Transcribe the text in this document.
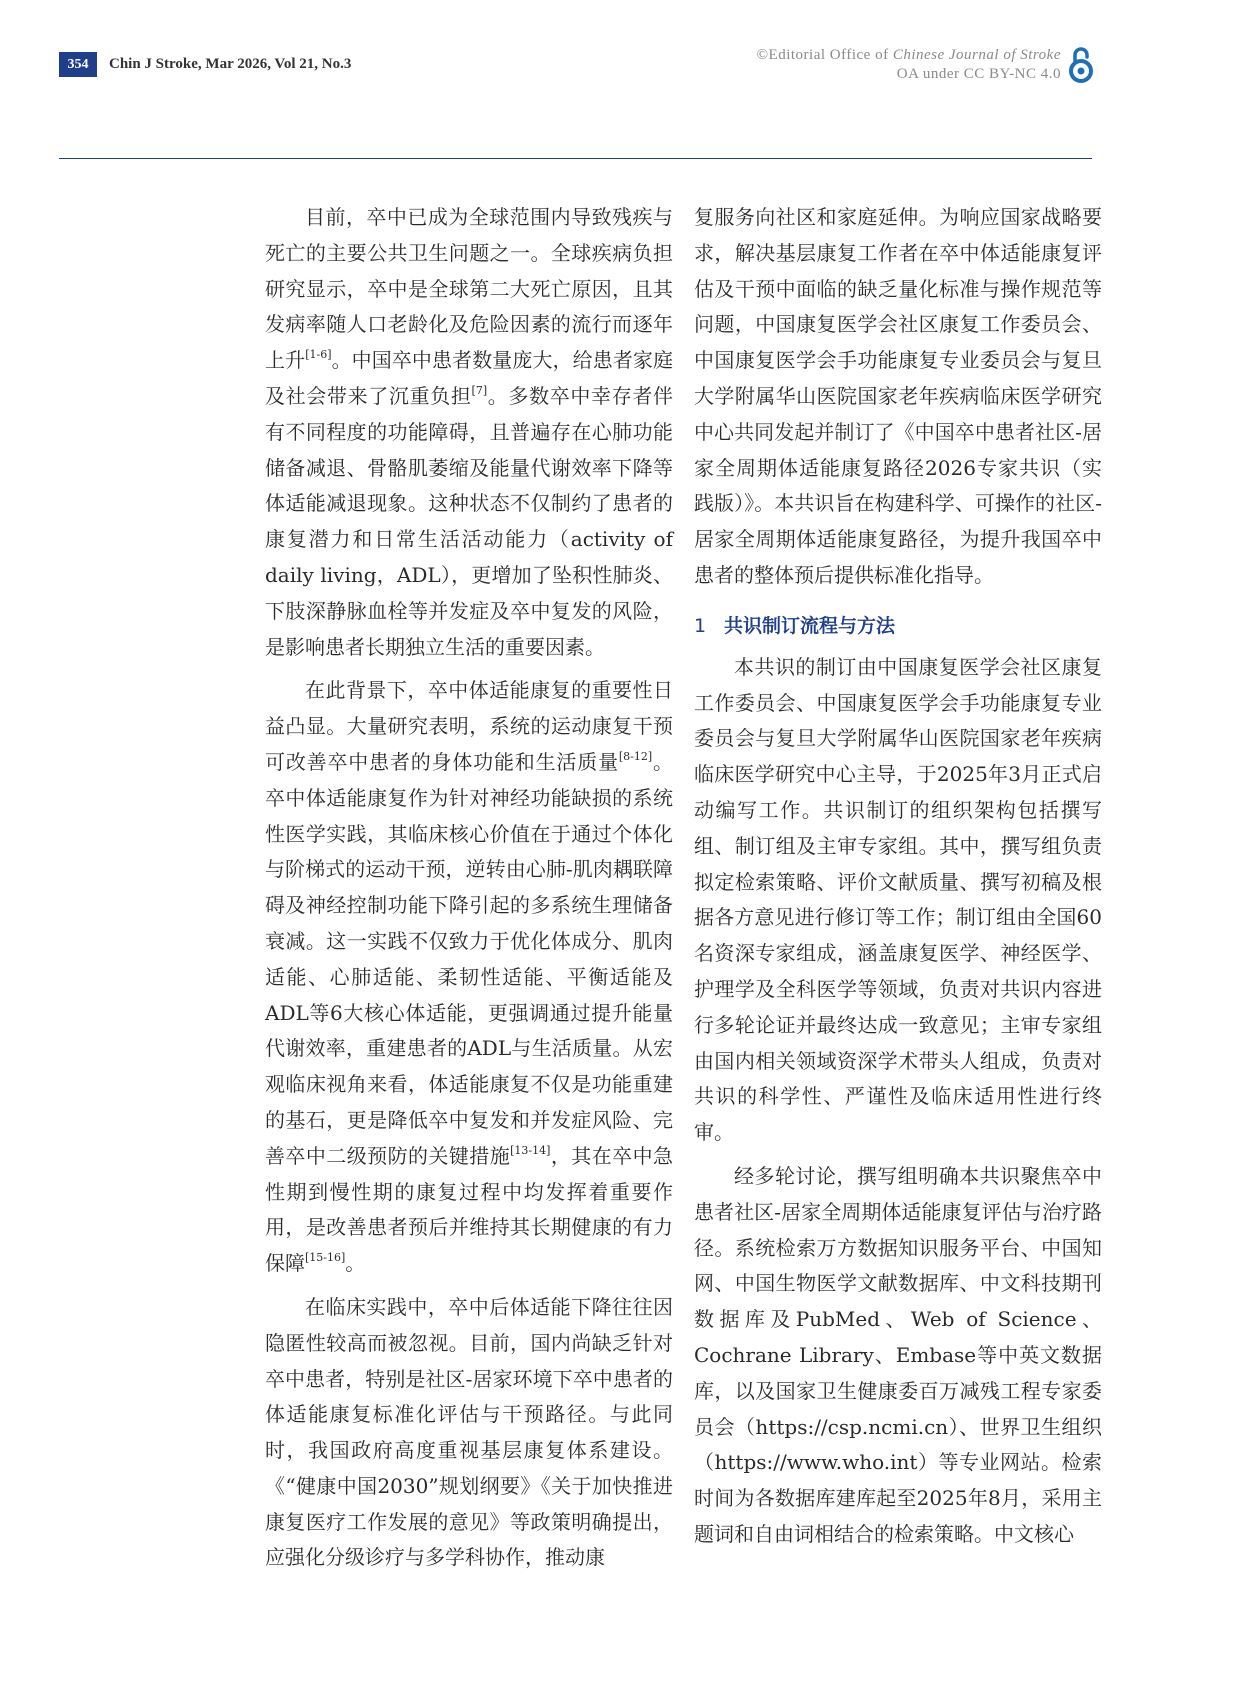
354	Chin J Stroke, Mar 2026, Vol 21, No.3
©Editorial Office of Chinese Journal of Stroke
OA under CC BY-NC 4.0

目前，卒中已成为全球范围内导致残疾与死亡的主要公共卫生问题之一。全球疾病负担研究显示，卒中是全球第二大死亡原因，且其发病率随人口老龄化及危险因素的流行而逐年上升[1-6]。中国卒中患者数量庞大，给患者家庭及社会带来了沉重负担[7]。多数卒中幸存者伴有不同程度的功能障碍，且普遍存在心肺功能储备减退、骨骼肌萎缩及能量代谢效率下降等体适能减退现象。这种状态不仅制约了患者的康复潜力和日常生活活动能力（activity of daily living，ADL），更增加了坠积性肺炎、下肢深静脉血栓等并发症及卒中复发的风险，是影响患者长期独立生活的重要因素。

在此背景下，卒中体适能康复的重要性日益凸显。大量研究表明，系统的运动康复干预可改善卒中患者的身体功能和生活质量[8-12]。卒中体适能康复作为针对神经功能缺损的系统性医学实践，其临床核心价值在于通过个体化与阶梯式的运动干预，逆转由心肺-肌肉耦联障碍及神经控制功能下降引起的多系统生理储备衰减。这一实践不仅致力于优化体成分、肌肉适能、心肺适能、柔韧性适能、平衡适能及ADL等6大核心体适能，更强调通过提升能量代谢效率，重建患者的ADL与生活质量。从宏观临床视角来看，体适能康复不仅是功能重建的基石，更是降低卒中复发和并发症风险、完善卒中二级预防的关键措施[13-14]，其在卒中急性期到慢性期的康复过程中均发挥着重要作用，是改善患者预后并维持其长期健康的有力保障[15-16]。

在临床实践中，卒中后体适能下降往往因隐匿性较高而被忽视。目前，国内尚缺乏针对卒中患者，特别是社区-居家环境下卒中患者的体适能康复标准化评估与干预路径。与此同时，我国政府高度重视基层康复体系建设。《“健康中国2030”规划纲要》《关于加快推进康复医疗工作发展的意见》等政策明确提出，应强化分级诊疗与多学科协作，推动康

复服务向社区和家庭延伸。为响应国家战略要求，解决基层康复工作者在卒中体适能康复评估及干预中面临的缺乏量化标准与操作规范等问题，中国康复医学会社区康复工作委员会、中国康复医学会手功能康复专业委员会与复旦大学附属华山医院国家老年疾病临床医学研究中心共同发起并制订了《中国卒中患者社区-居家全周期体适能康复路径2026专家共识（实践版）》。本共识旨在构建科学、可操作的社区-居家全周期体适能康复路径，为提升我国卒中患者的整体预后提供标准化指导。

1 共识制订流程与方法

本共识的制订由中国康复医学会社区康复工作委员会、中国康复医学会手功能康复专业委员会与复旦大学附属华山医院国家老年疾病临床医学研究中心主导，于2025年3月正式启动编写工作。共识制订的组织架构包括撰写组、制订组及主审专家组。其中，撰写组负责拟定检索策略、评价文献质量、撰写初稿及根据各方意见进行修订等工作；制订组由全国60名资深专家组成，涵盖康复医学、神经医学、护理学及全科医学等领域，负责对共识内容进行多轮论证并最终达成一致意见；主审专家组由国内相关领域资深学术带头人组成，负责对共识的科学性、严谨性及临床适用性进行终审。

经多轮讨论，撰写组明确本共识聚焦卒中患者社区-居家全周期体适能康复评估与治疗路径。系统检索万方数据知识服务平台、中国知网、中国生物医学文献数据库、中文科技期刊数据库及PubMed、Web of Science、Cochrane Library、Embase等中英文数据库，以及国家卫生健康委百万减残工程专家委员会（https://csp.ncmi.cn）、世界卫生组织（https://www.who.int）等专业网站。检索时间为各数据库建库起至2025年8月，采用主题词和自由词相结合的检索策略。中文核心
